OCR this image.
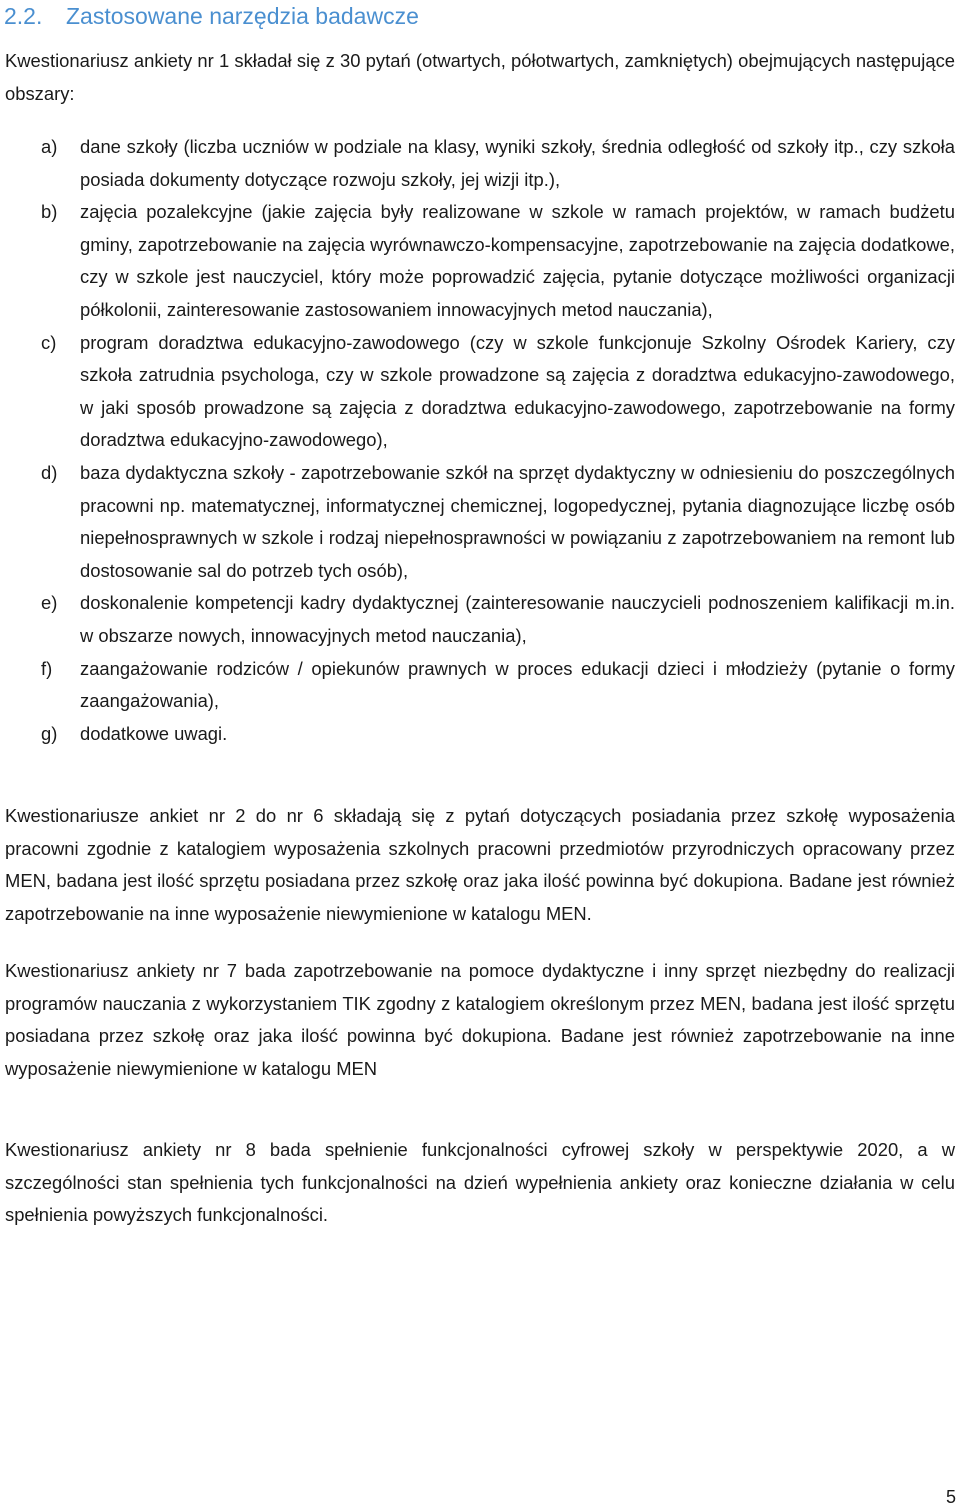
2.2. Zastosowane narzędzia badawcze

Kwestionariusz ankiety nr 1 składał się z 30 pytań (otwartych, półotwartych, zamkniętych) obejmujących następujące obszary:

a) dane szkoły (liczba uczniów w podziale na klasy, wyniki szkoły, średnia odległość od szkoły itp., czy szkoła posiada dokumenty dotyczące rozwoju szkoły, jej wizji itp.),
b) zajęcia pozalekcyjne (jakie zajęcia były realizowane w szkole w ramach projektów, w ramach budżetu gminy, zapotrzebowanie na zajęcia wyrównawczo-kompensacyjne, zapotrzebowanie na zajęcia dodatkowe, czy w szkole jest nauczyciel, który może poprowadzić zajęcia, pytanie dotyczące możliwości organizacji półkolonii, zainteresowanie zastosowaniem innowacyjnych metod nauczania),
c) program doradztwa edukacyjno-zawodowego (czy w szkole funkcjonuje Szkolny Ośrodek Kariery, czy szkoła zatrudnia psychologa, czy w szkole prowadzone są zajęcia z doradztwa edukacyjno-zawodowego, w jaki sposób prowadzone są zajęcia z doradztwa edukacyjno-zawodowego, zapotrzebowanie na formy doradztwa edukacyjno-zawodowego),
d) baza dydaktyczna szkoły - zapotrzebowanie szkół na sprzęt dydaktyczny w odniesieniu do poszczególnych pracowni np. matematycznej, informatycznej chemicznej, logopedycznej, pytania diagnozujące liczbę osób niepełnosprawnych w szkole i rodzaj niepełnosprawności w powiązaniu z zapotrzebowaniem na remont lub dostosowanie sal do potrzeb tych osób),
e) doskonalenie kompetencji kadry dydaktycznej (zainteresowanie nauczycieli podnoszeniem kalifikacji m.in. w obszarze nowych, innowacyjnych metod nauczania),
f) zaangażowanie rodziców / opiekunów prawnych w proces edukacji dzieci i młodzieży (pytanie o formy zaangażowania),
g) dodatkowe uwagi.

Kwestionariusze ankiet nr 2 do nr 6 składają się z pytań dotyczących posiadania przez szkołę wyposażenia pracowni zgodnie z katalogiem wyposażenia szkolnych pracowni przedmiotów przyrodniczych opracowany przez MEN, badana jest ilość sprzętu posiadana przez szkołę oraz jaka ilość powinna być dokupiona. Badane jest również zapotrzebowanie na inne wyposażenie niewymienione w katalogu MEN.

Kwestionariusz ankiety nr 7 bada zapotrzebowanie na pomoce dydaktyczne i inny sprzęt niezbędny do realizacji programów nauczania z wykorzystaniem TIK zgodny z katalogiem określonym przez MEN, badana jest ilość sprzętu posiadana przez szkołę oraz jaka ilość powinna być dokupiona. Badane jest również zapotrzebowanie na inne wyposażenie niewymienione w katalogu MEN

Kwestionariusz ankiety nr 8 bada spełnienie funkcjonalności cyfrowej szkoły w perspektywie 2020, a w szczególności stan spełnienia tych funkcjonalności na dzień wypełnienia ankiety oraz konieczne działania w celu spełnienia powyższych funkcjonalności.

5
